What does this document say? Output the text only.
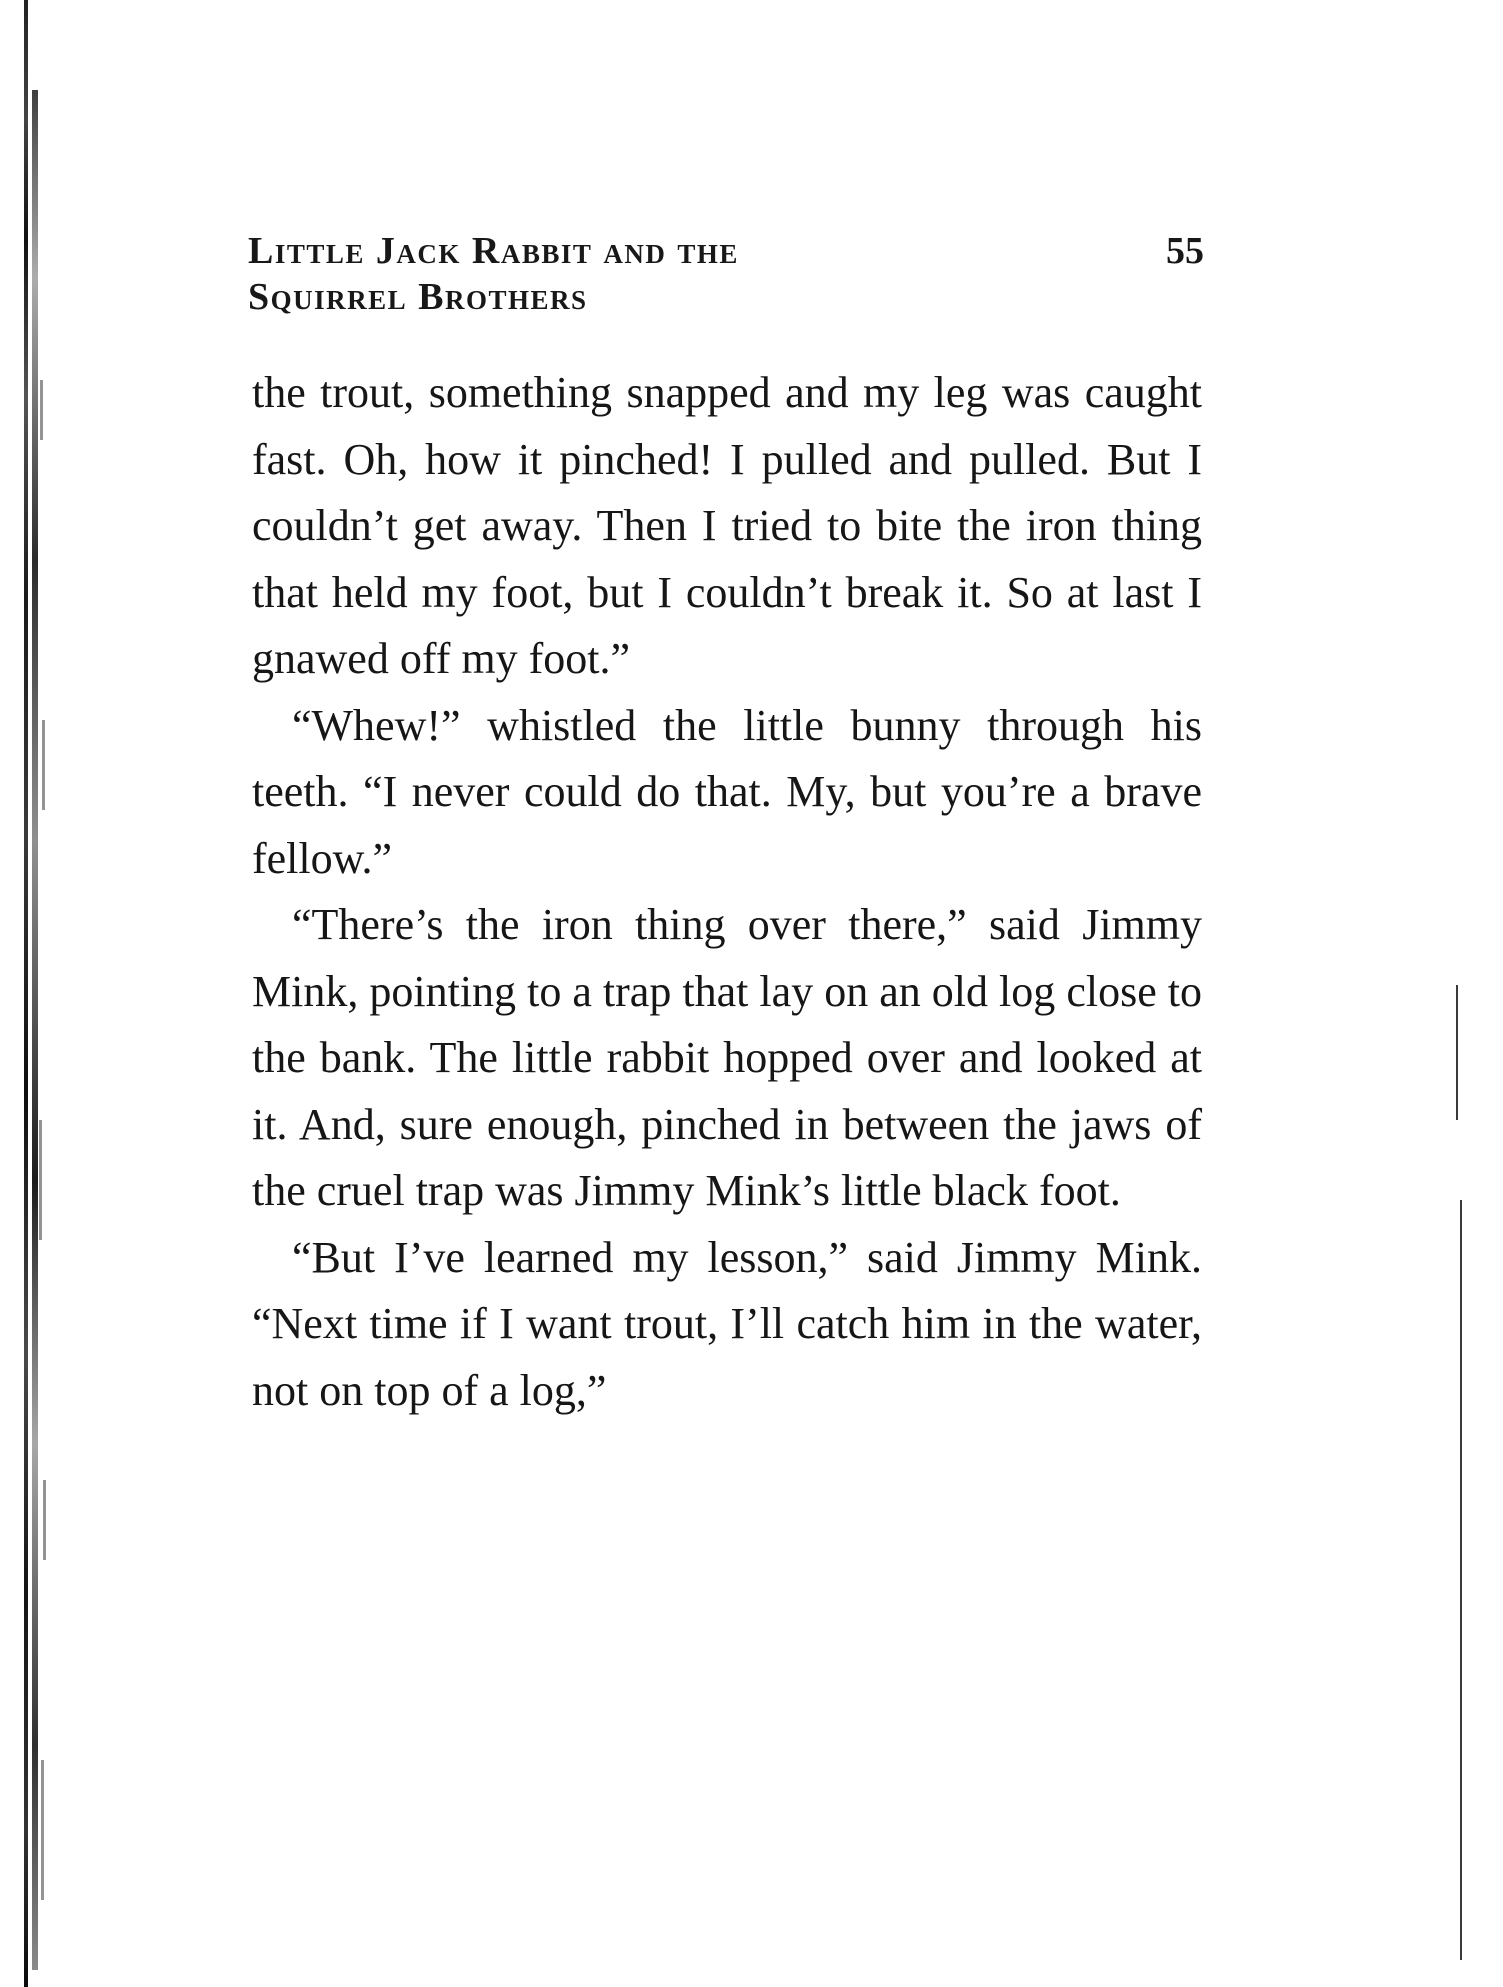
Little Jack Rabbit and the
Squirrel Brothers
55

the trout, something snapped and my leg was caught fast. Oh, how it pinched! I pulled and pulled. But I couldn’t get away. Then I tried to bite the iron thing that held my foot, but I couldn’t break it. So at last I gnawed off my foot.”

“Whew!” whistled the little bunny through his teeth. “I never could do that. My, but you’re a brave fellow.”

“There’s the iron thing over there,” said Jimmy Mink, pointing to a trap that lay on an old log close to the bank. The little rabbit hopped over and looked at it. And, sure enough, pinched in between the jaws of the cruel trap was Jimmy Mink’s little black foot.

“But I’ve learned my lesson,” said Jimmy Mink. “Next time if I want trout, I’ll catch him in the water, not on top of a log,”
